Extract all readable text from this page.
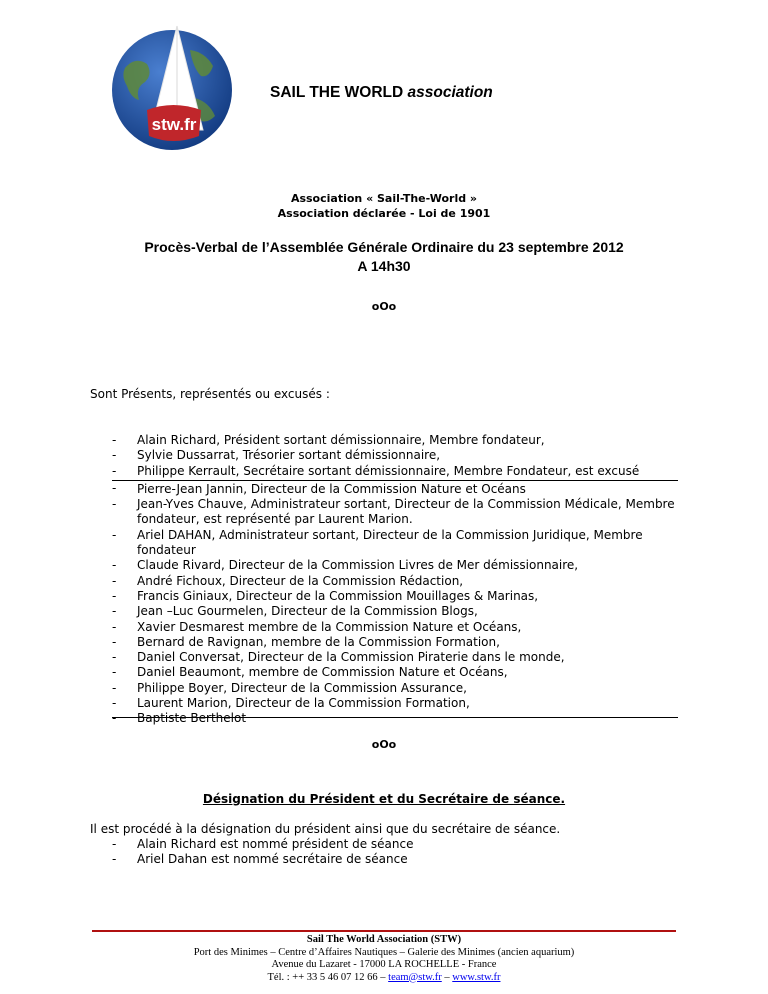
stw.fr
SAIL THE WORLD association
Association « Sail-The-World »
Association déclarée - Loi de 1901
Procès-Verbal de l’Assemblée Générale Ordinaire du 23 septembre 2012
A 14h30
oOo
Sont Présents, représentés ou excusés :
- Alain Richard, Président sortant démissionnaire, Membre fondateur,
- Sylvie Dussarrat, Trésorier sortant démissionnaire,
- Philippe Kerrault, Secrétaire sortant démissionnaire, Membre Fondateur, est excusé
- Pierre-Jean Jannin, Directeur de la Commission Nature et Océans
- Jean-Yves Chauve, Administrateur sortant, Directeur de la Commission Médicale, Membre fondateur, est représenté par Laurent Marion.
- Ariel DAHAN, Administrateur sortant, Directeur de la Commission Juridique, Membre fondateur
- Claude Rivard, Directeur de la Commission Livres de Mer démissionnaire,
- André Fichoux, Directeur de la Commission Rédaction,
- Francis Giniaux, Directeur de la Commission Mouillages & Marinas,
- Jean –Luc Gourmelen, Directeur de la Commission Blogs,
- Xavier Desmarest membre de la Commission Nature et Océans,
- Bernard de Ravignan, membre de la Commission Formation,
- Daniel Conversat, Directeur de la Commission Piraterie dans le monde,
- Daniel Beaumont, membre de Commission Nature et Océans,
- Philippe Boyer, Directeur de la Commission Assurance,
- Laurent Marion, Directeur de la Commission Formation,
- Baptiste Berthelot
oOo
Désignation du Président et du Secrétaire de séance.
Il est procédé à la désignation du président ainsi que du secrétaire de séance.
- Alain Richard est nommé président de séance
- Ariel Dahan est nommé secrétaire de séance
Sail The World Association (STW)
Port des Minimes – Centre d’Affaires Nautiques – Galerie des Minimes (ancien aquarium)
Avenue du Lazaret - 17000 LA ROCHELLE - France
Tél. : ++ 33 5 46 07 12 66 – team@stw.fr – www.stw.fr
